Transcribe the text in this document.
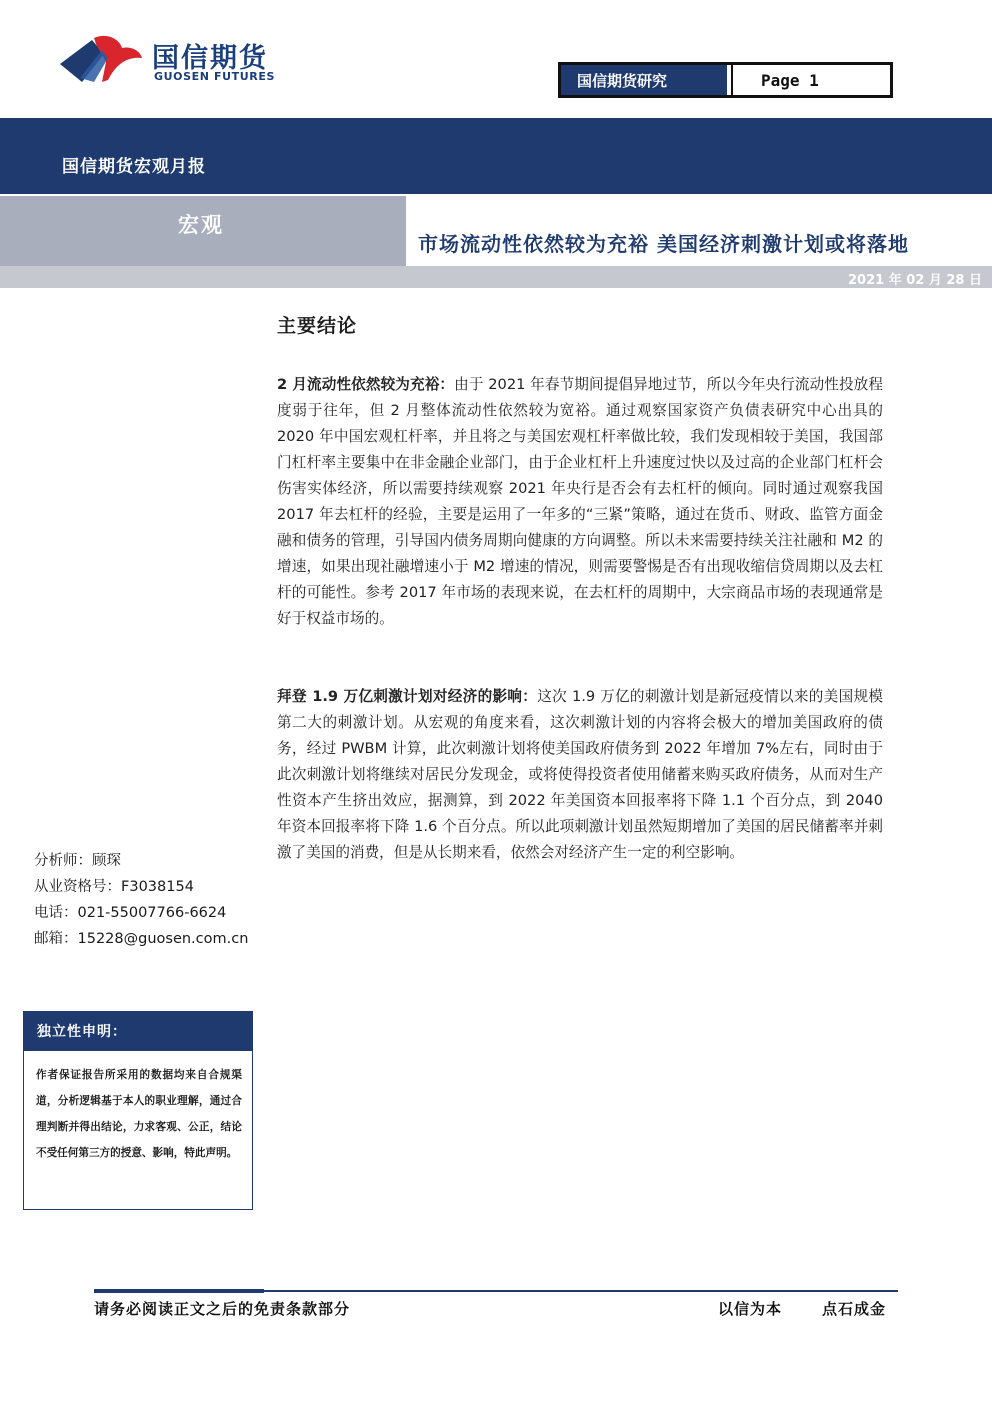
国信期货
GUOSEN FUTURES	国信期货研究	Page 1
国信期货宏观月报
宏观
市场流动性依然较为充裕 美国经济刺激计划或将落地
2021 年 02 月 28 日
主要结论
2 月流动性依然较为充裕：由于 2021 年春节期间提倡异地过节，所以今年央行流动性投放程度弱于往年，但 2 月整体流动性依然较为宽裕。通过观察国家资产负债表研究中心出具的 2020 年中国宏观杠杆率，并且将之与美国宏观杠杆率做比较，我们发现相较于美国，我国部门杠杆率主要集中在非金融企业部门，由于企业杠杆上升速度过快以及过高的企业部门杠杆会伤害实体经济，所以需要持续观察 2021 年央行是否会有去杠杆的倾向。同时通过观察我国 2017 年去杠杆的经验，主要是运用了一年多的“三紧”策略，通过在货币、财政、监管方面金融和债务的管理，引导国内债务周期向健康的方向调整。所以未来需要持续关注社融和 M2 的增速，如果出现社融增速小于 M2 增速的情况，则需要警惕是否有出现收缩信贷周期以及去杠杆的可能性。参考 2017 年市场的表现来说，在去杠杆的周期中，大宗商品市场的表现通常是好于权益市场的。
拜登 1.9 万亿刺激计划对经济的影响：这次 1.9 万亿的刺激计划是新冠疫情以来的美国规模第二大的刺激计划。从宏观的角度来看，这次刺激计划的内容将会极大的增加美国政府的债务，经过 PWBM 计算，此次刺激计划将使美国政府债务到 2022 年增加 7%左右，同时由于此次刺激计划将继续对居民分发现金，或将使得投资者使用储蓄来购买政府债务，从而对生产性资本产生挤出效应，据测算，到 2022 年美国资本回报率将下降 1.1 个百分点，到 2040 年资本回报率将下降 1.6 个百分点。所以此项刺激计划虽然短期增加了美国的居民储蓄率并刺激了美国的消费，但是从长期来看，依然会对经济产生一定的利空影响。
分析师：顾琛
从业资格号：F3038154
电话：021-55007766-6624
邮箱：15228@guosen.com.cn
独立性申明：
作者保证报告所采用的数据均来自合规渠道，分析逻辑基于本人的职业理解，通过合理判断并得出结论，力求客观、公正，结论不受任何第三方的授意、影响，特此声明。
请务必阅读正文之后的免责条款部分	以信为本	点石成金
